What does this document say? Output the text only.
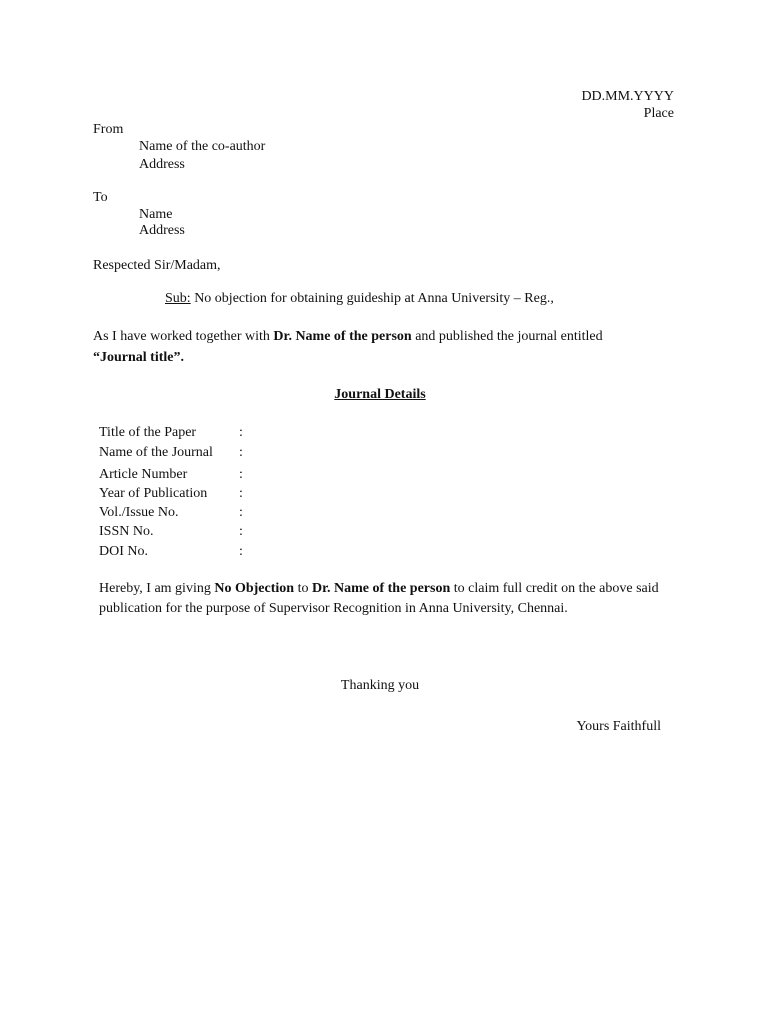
DD.MM.YYYY
Place
From
Name of the co-author
Address
To
Name
Address
Respected Sir/Madam,
Sub: No objection for obtaining guideship at Anna University – Reg.,
As I have worked together with Dr. Name of the person and published the journal entitled
“Journal title”.
Journal Details
Title of the Paper	:
Name of the Journal :
Article Number	:
Year of Publication :
Vol./Issue No.	:
ISSN No.	:
DOI No.	:
Hereby, I am giving No Objection to Dr. Name of the person to claim full credit on the above said publication for the purpose of Supervisor Recognition in Anna University, Chennai.
Thanking you
Yours Faithfull
